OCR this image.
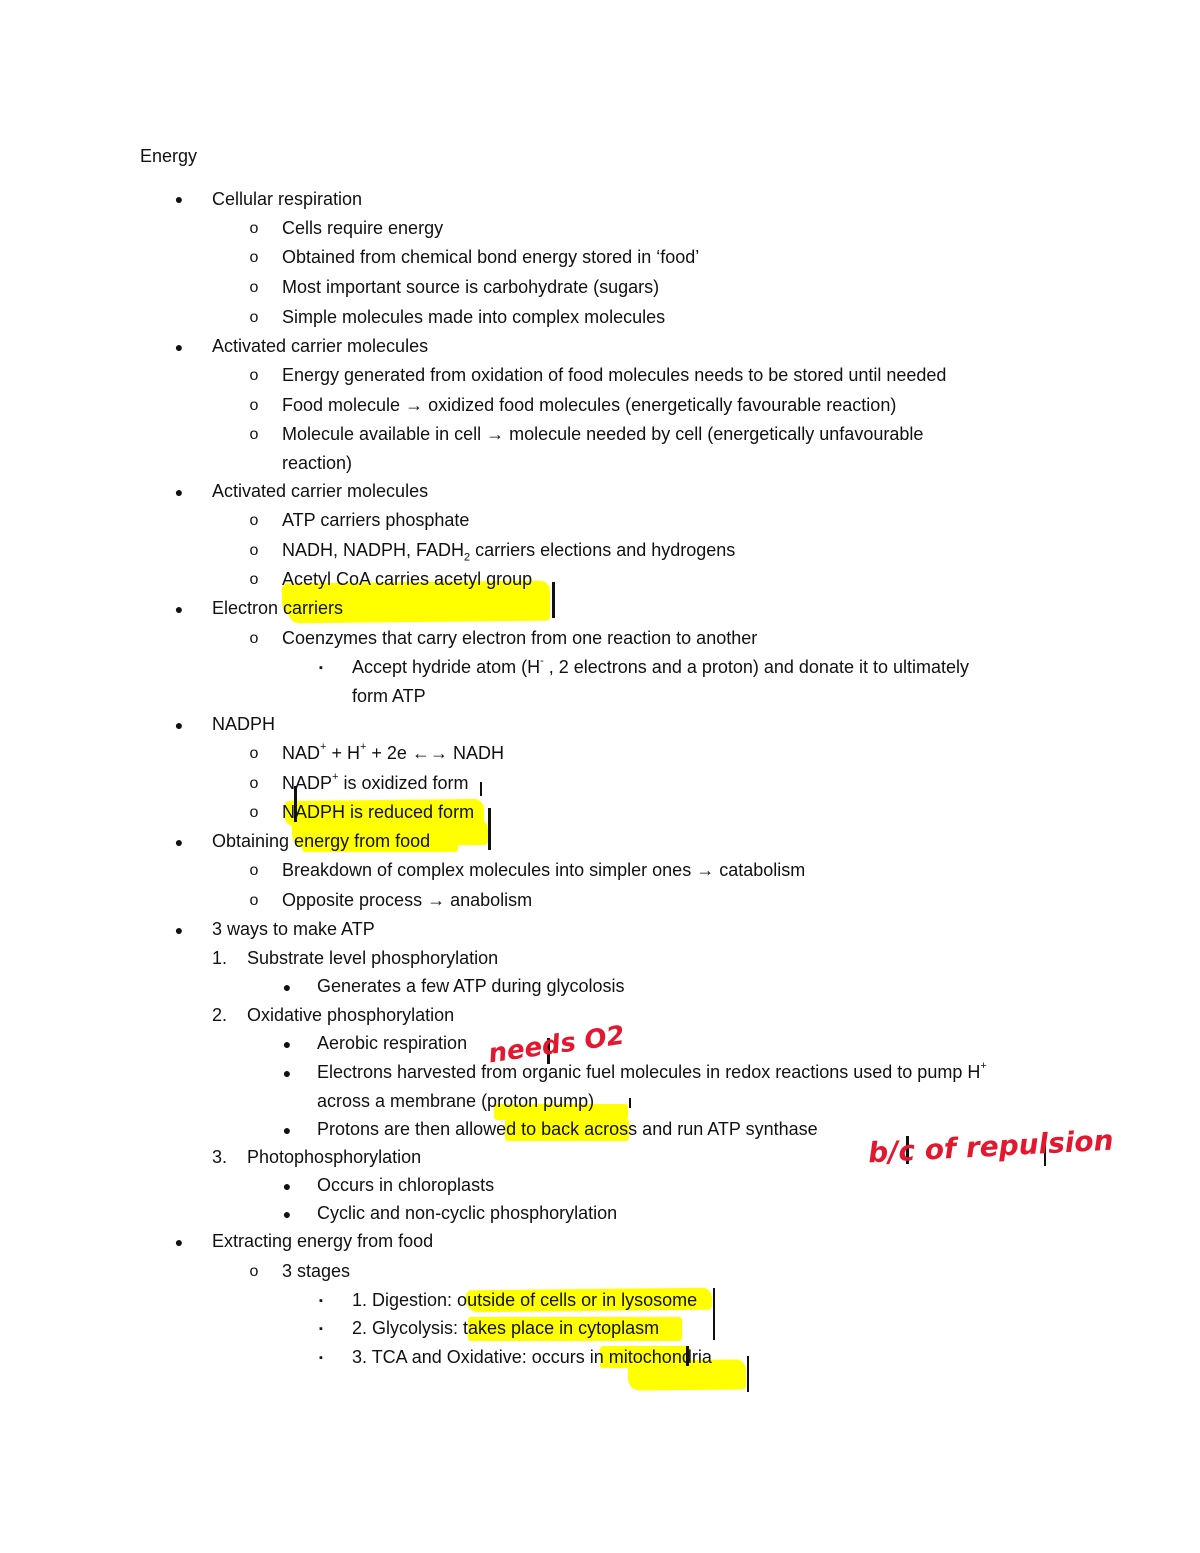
Energy
● Cellular respiration
o Cells require energy
o Obtained from chemical bond energy stored in ‘food’
o Most important source is carbohydrate (sugars)
o Simple molecules made into complex molecules
● Activated carrier molecules
o Energy generated from oxidation of food molecules needs to be stored until needed
o Food molecule → oxidized food molecules (energetically favourable reaction)
o Molecule available in cell → molecule needed by cell (energetically unfavourable
reaction)
● Activated carrier molecules
o ATP carriers phosphate
o NADH, NADPH, $FADH_2$ carriers elections and hydrogens
o Acetyl CoA carries acetyl group
● Electron carriers
o Coenzymes that carry electron from one reaction to another
▪ Accept hydride atom (H- , 2 electrons and a proton) and donate it to ultimately
form ATP
● NADPH
o NAD+ + H+ + 2e ←→ NADH
o NADP+ is oxidized form
o NADPH is reduced form
● Obtaining energy from food
o Breakdown of complex molecules into simpler ones → catabolism
o Opposite process → anabolism
● 3 ways to make ATP
1. Substrate level phosphorylation
● Generates a few ATP during glycolosis
2. Oxidative phosphorylation
● Aerobic respiration
● Electrons harvested from organic fuel molecules in redox reactions used to pump H+
across a membrane (proton pump)
● Protons are then allowed to back across and run ATP synthase
3. Photophosphorylation
● Occurs in chloroplasts
● Cyclic and non-cyclic phosphorylation
● Extracting energy from food
o 3 stages
▪ 1. Digestion: outside of cells or in lysosome
▪ 2. Glycolysis: takes place in cytoplasm
▪ 3. TCA and Oxidative: occurs in mitochondria
needs O2
b/c of repulsion
